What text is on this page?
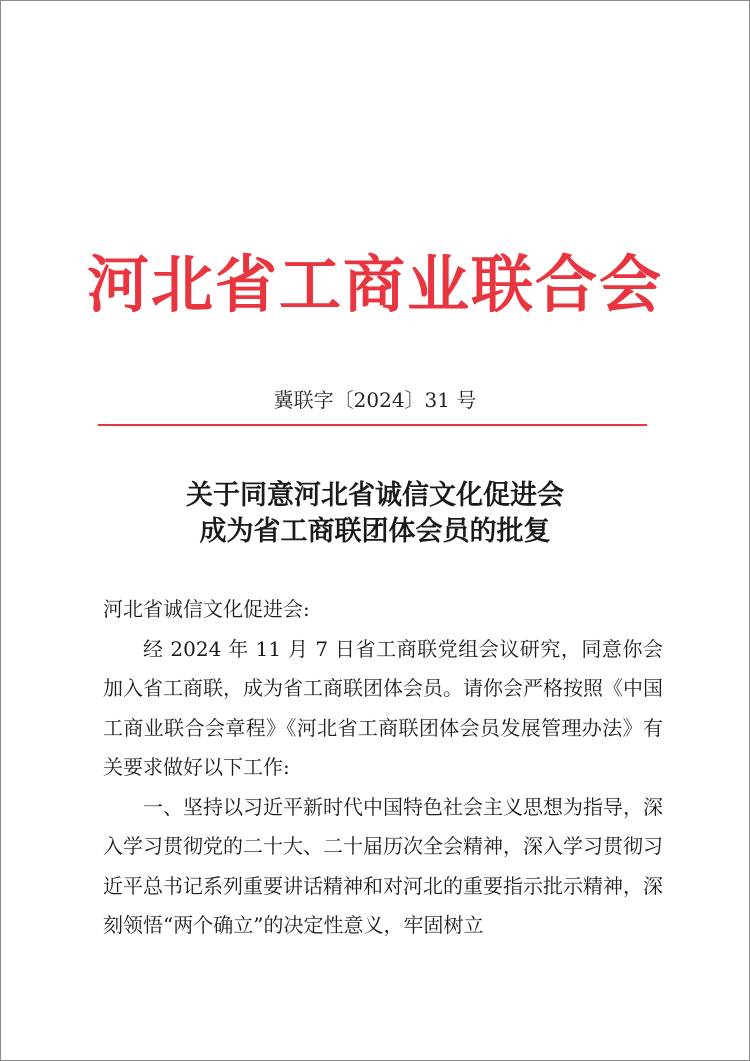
河北省工商业联合会
冀联字〔2024〕31 号
关于同意河北省诚信文化促进会
成为省工商联团体会员的批复

河北省诚信文化促进会:

经 2024 年 11 月 7 日省工商联党组会议研究，同意你会加入省工商联，成为省工商联团体会员。请你会严格按照《中国工商业联合会章程》《河北省工商联团体会员发展管理办法》有关要求做好以下工作:

一、坚持以习近平新时代中国特色社会主义思想为指导，深入学习贯彻党的二十大、二十届历次全会精神，深入学习贯彻习近平总书记系列重要讲话精神和对河北的重要指示批示精神，深刻领悟“两个确立”的决定性意义，牢固树立
